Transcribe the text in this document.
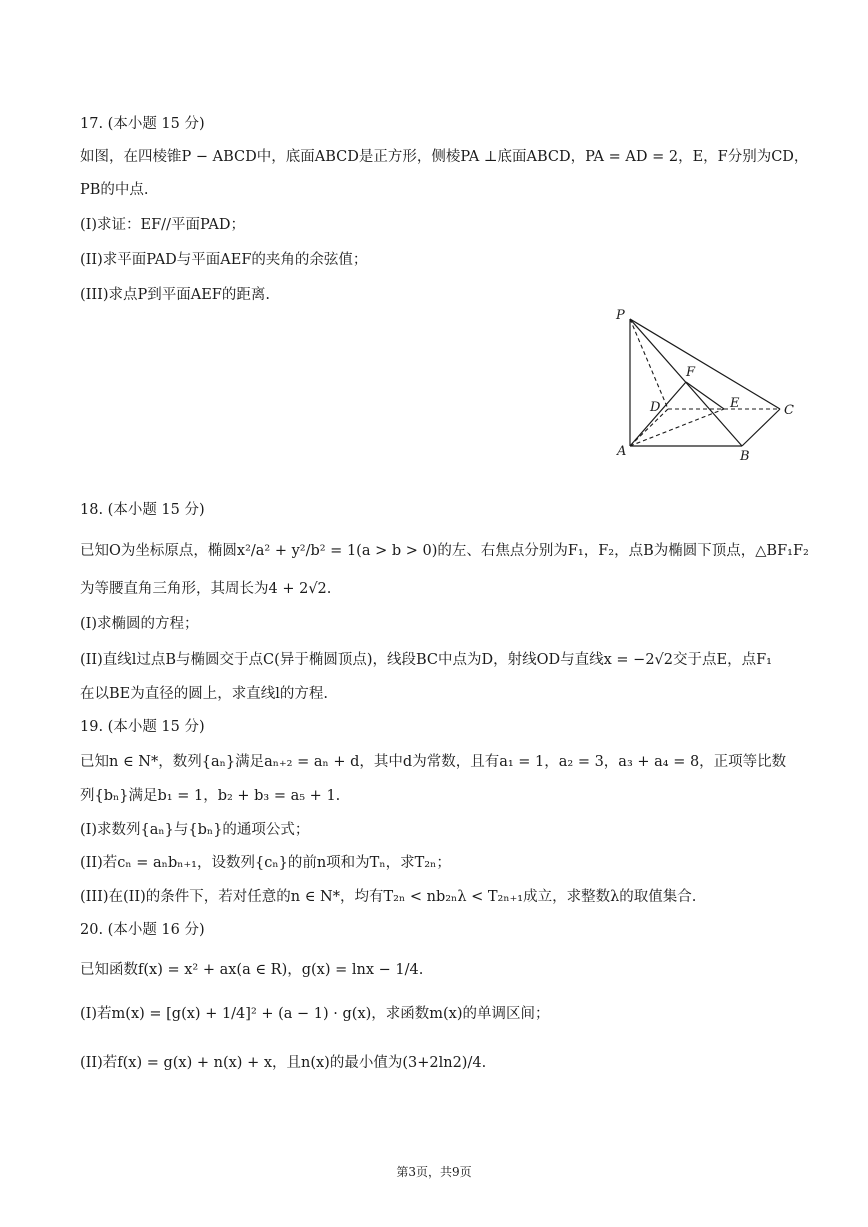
17. (本小题 15 分)
如图，在四棱锥P − ABCD中，底面ABCD是正方形，侧棱PA ⊥底面ABCD，PA = AD = 2，E，F分别为CD，
PB的中点.
(I)求证：EF//平面PAD；
(II)求平面PAD与平面AEF的夹角的余弦值；
(III)求点P到平面AEF的距离.
P
A	B
C
D	E
F
18. (本小题 15 分)
已知O为坐标原点，椭圆x²/a² + y²/b² = 1(a > b > 0)的左、右焦点分别为F₁，F₂，点B为椭圆下顶点，△BF₁F₂
为等腰直角三角形，其周长为4 + 2√2.
(I)求椭圆的方程；
(II)直线l过点B与椭圆交于点C(异于椭圆顶点)，线段BC中点为D，射线OD与直线x = −2√2交于点E，点F₁
在以BE为直径的圆上，求直线l的方程.
19. (本小题 15 分)
已知n ∈ N*，数列{aₙ}满足aₙ₊₂ = aₙ + d，其中d为常数，且有a₁ = 1，a₂ = 3，a₃ + a₄ = 8，正项等比数
列{bₙ}满足b₁ = 1，b₂ + b₃ = a₅ + 1.
(I)求数列{aₙ}与{bₙ}的通项公式；
(II)若cₙ = aₙbₙ₊₁，设数列{cₙ}的前n项和为Tₙ，求T₂ₙ；
(III)在(II)的条件下，若对任意的n ∈ N*，均有T₂ₙ < nb₂ₙλ < T₂ₙ₊₁成立，求整数λ的取值集合.
20. (本小题 16 分)
已知函数f(x) = x² + ax(a ∈ R)，g(x) = lnx − 1/4.
(I)若m(x) = [g(x) + 1/4]² + (a − 1) · g(x)，求函数m(x)的单调区间；
(II)若f(x) = g(x) + n(x) + x，且n(x)的最小值为(3+2ln2)/4.
第3页，共9页
